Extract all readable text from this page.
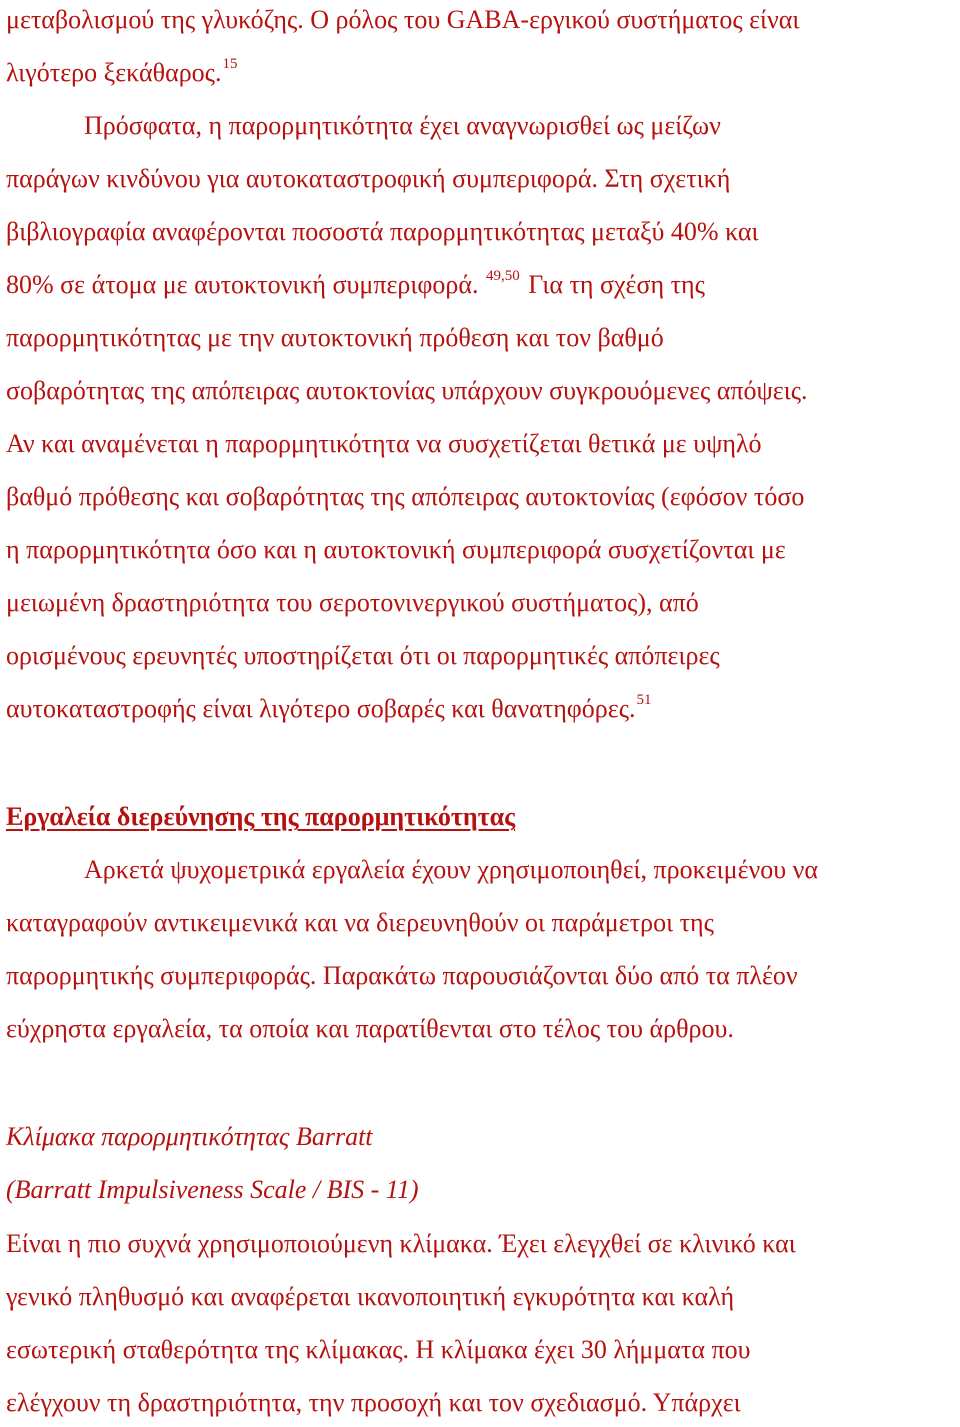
μεταβολισμού της γλυκόζης. Ο ρόλος του GABA-εργικού συστήματος είναι
λιγότερο ξεκάθαρος.$^{15}$
Πρόσφατα, η παρορμητικότητα έχει αναγνωρισθεί ως μείζων
παράγων κινδύνου για αυτοκαταστροφική συμπεριφορά. Στη σχετική
βιβλιογραφία αναφέρονται ποσοστά παρορμητικότητας μεταξύ 40% και
80% σε άτομα με αυτοκτονική συμπεριφορά. $^{49,50}$ Για τη σχέση της
παρορμητικότητας με την αυτοκτονική πρόθεση και τον βαθμό
σοβαρότητας της απόπειρας αυτοκτονίας υπάρχουν συγκρουόμενες απόψεις.
Αν και αναμένεται η παρορμητικότητα να συσχετίζεται θετικά με υψηλό
βαθμό πρόθεσης και σοβαρότητας της απόπειρας αυτοκτονίας (εφόσον τόσο
η παρορμητικότητα όσο και η αυτοκτονική συμπεριφορά συσχετίζονται με
μειωμένη δραστηριότητα του σεροτονινεργικού συστήματος), από
ορισμένους ερευνητές υποστηρίζεται ότι οι παρορμητικές απόπειρες
αυτοκαταστροφής είναι λιγότερο σοβαρές και θανατηφόρες.$^{51}$
Εργαλεία διερεύνησης της παρορμητικότητας
Αρκετά ψυχομετρικά εργαλεία έχουν χρησιμοποιηθεί, προκειμένου να
καταγραφούν αντικειμενικά και να διερευνηθούν οι παράμετροι της
παρορμητικής συμπεριφοράς. Παρακάτω παρουσιάζονται δύο από τα πλέον
εύχρηστα εργαλεία, τα οποία και παρατίθενται στο τέλος του άρθρου.
Κλίμακα παρορμητικότητας Barratt
(Barratt Impulsiveness Scale / BIS - 11)
Είναι η πιο συχνά χρησιμοποιούμενη κλίμακα. Έχει ελεγχθεί σε κλινικό και
γενικό πληθυσμό και αναφέρεται ικανοποιητική εγκυρότητα και καλή
εσωτερική σταθερότητα της κλίμακας. Η κλίμακα έχει 30 λήμματα που
ελέγχουν τη δραστηριότητα, την προσοχή και τον σχεδιασμό. Υπάρχει
